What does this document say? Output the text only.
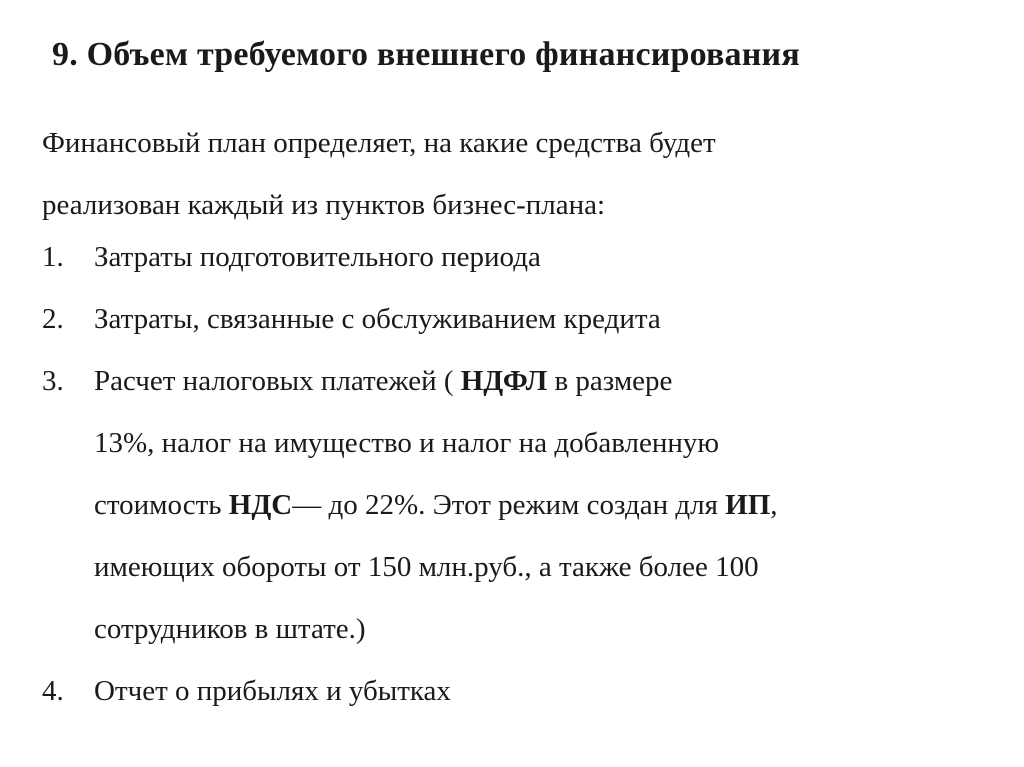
9. Объем требуемого внешнего финансирования
Финансовый план определяет, на какие средства будет
реализован каждый из пунктов бизнес-плана:
1. Затраты подготовительного периода
2. Затраты, связанные с обслуживанием кредита
3. Расчет налоговых платежей ( НДФЛ в размере
13%, налог на имущество и налог на добавленную
стоимость НДС— до 22%. Этот режим создан для ИП,
имеющих обороты от 150 млн.руб., а также более 100
сотрудников в штате.)
4. Отчет о прибылях и убытках
